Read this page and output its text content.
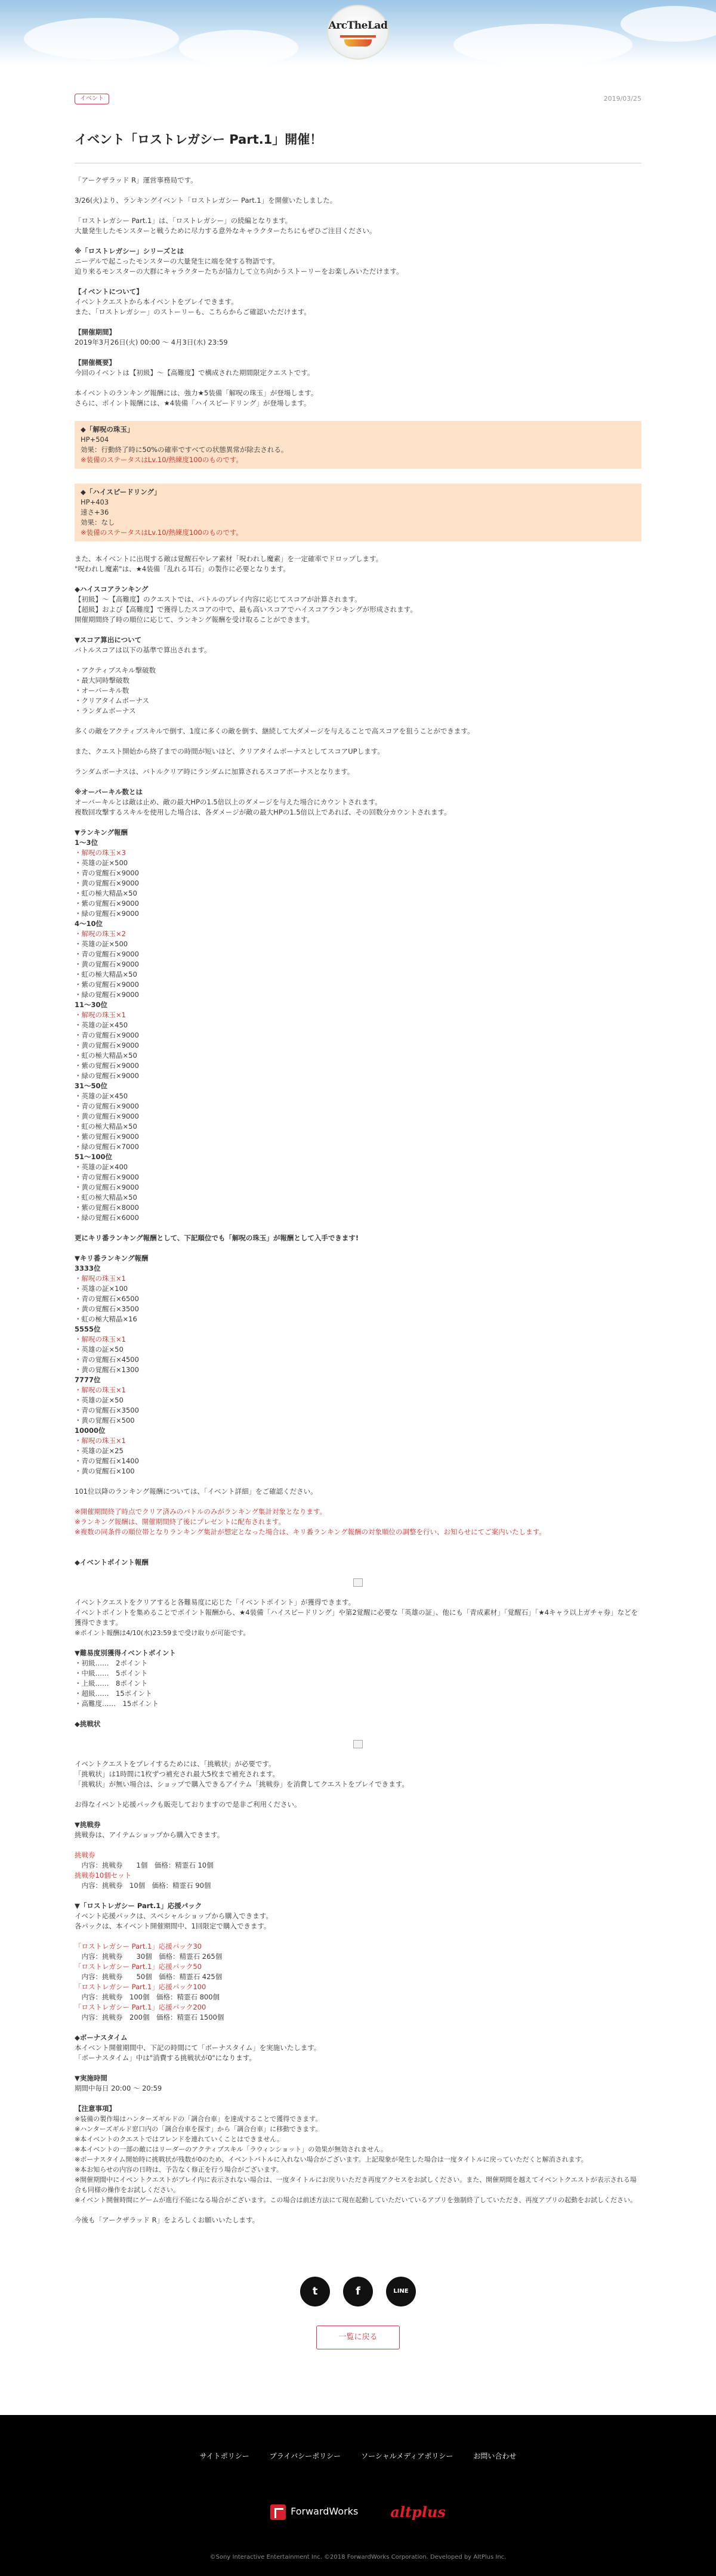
ArcTheLad
イベント	2019/03/25
イベント「ロストレガシー Part.1」開催！

「アークザラッド R」運営事務局です。

3/26(火)より、ランキングイベント「ロストレガシー Part.1」を開催いたしました。

「ロストレガシー Part.1」は、「ロストレガシー」の続編となります。

大量発生したモンスターと戦うために尽力する意外なキャラクターたちにもぜひご注目ください。

※「ロストレガシー」シリーズとは

ニーデルで起こったモンスターの大量発生に端を発する物語です。

迫り来るモンスターの大群にキャラクターたちが協力して立ち向かうストーリーをお楽しみいただけます。

【イベントについて】

イベントクエストから本イベントをプレイできます。

また、「ロストレガシー」のストーリーも、こちらからご確認いただけます。

【開催期間】

2019年3月26日(火) 00:00 ～ 4月3日(水) 23:59

【開催概要】

今回のイベントは【初級】～【高難度】で構成された期間限定クエストです。

本イベントのランキング報酬には、強力★5装備「解呪の珠玉」が登場します。

さらに、ポイント報酬には、★4装備「ハイスピードリング」が登場します。

◆「解呪の珠玉」

HP+504

効果：行動終了時に50%の確率ですべての状態異常が除去される。

※装備のステータスはLv.10/熱練度100のものです。

◆「ハイスピードリング」

HP+403

速さ+36

効果：なし

※装備のステータスはLv.10/熱練度100のものです。

また、本イベントに出現する敵は覚醒石やレア素材「呪われし魔素」を一定確率でドロップします。

"呪われし魔素"は、★4装備「乱れる耳石」の製作に必要となります。

◆ハイスコアランキング

【初級】～【高難度】のクエストでは、バトルのプレイ内容に応じてスコアが計算されます。

【超級】および【高難度】で獲得したスコアの中で、最も高いスコアでハイスコアランキングが形成されます。

開催期間終了時の順位に応じて、ランキング報酬を受け取ることができます。

▼スコア算出について

バトルスコアは以下の基準で算出されます。

・アクティブスキル撃破数

・最大同時撃破数

・オーバーキル数

・クリアタイムボーナス

・ランダムボーナス

多くの敵をアクティブスキルで倒す、1度に多くの敵を倒す、継続して大ダメージを与えることで高スコアを狙うことができます。

また、クエスト開始から終了までの時間が短いほど、クリアタイムボーナスとしてスコアUPします。

ランダムボーナスは、バトルクリア時にランダムに加算されるスコアボーナスとなります。

※オーバーキル数とは

オーバーキルとは敵は止め、敵の最大HPの1.5倍以上のダメージを与えた場合にカウントされます。

複数回攻撃するスキルを使用した場合は、各ダメージが敵の最大HPの1.5倍以上であれば、その回数分カウントされます。

▼ランキング報酬

1～3位

・解呪の珠玉×3

・英雄の証×500

・青の覚醒石×9000

・黄の覚醒石×9000

・虹の極大精晶×50

・紫の覚醒石×9000

・緑の覚醒石×9000

4～10位

・解呪の珠玉×2

・英雄の証×500

・青の覚醒石×9000

・黄の覚醒石×9000

・虹の極大精晶×50

・紫の覚醒石×9000

・緑の覚醒石×9000

11～30位

・解呪の珠玉×1

・英雄の証×450

・青の覚醒石×9000

・黄の覚醒石×9000

・虹の極大精晶×50

・紫の覚醒石×9000

・緑の覚醒石×9000

31～50位

・英雄の証×450

・青の覚醒石×9000

・黄の覚醒石×9000

・虹の極大精晶×50

・紫の覚醒石×9000

・緑の覚醒石×7000

51～100位

・英雄の証×400

・青の覚醒石×9000

・黄の覚醒石×9000

・虹の極大精晶×50

・紫の覚醒石×8000

・緑の覚醒石×6000

更にキリ番ランキング報酬として、下記順位でも「解呪の珠玉」が報酬として入手できます!

▼キリ番ランキング報酬

3333位

・解呪の珠玉×1

・英雄の証×100

・青の覚醒石×6500

・黄の覚醒石×3500

・虹の極大精晶×16

5555位

・解呪の珠玉×1

・英雄の証×50

・青の覚醒石×4500

・黄の覚醒石×1300

7777位

・解呪の珠玉×1

・英雄の証×50

・青の覚醒石×3500

・黄の覚醒石×500

10000位

・解呪の珠玉×1

・英雄の証×25

・青の覚醒石×1400

・黄の覚醒石×100

101位以降のランキング報酬については、「イベント詳細」をご確認ください。

※開催期間終了時点でクリア済みのバトルのみがランキング集計対象となります。

※ランキング報酬は、開催期間終了後にプレゼントに配布されます。

※複数の同条件の順位帯となりランキング集計が想定となった場合は、キリ番ランキング報酬の対象順位の調整を行い、お知らせにてご案内いたします。

◆イベントポイント報酬

イベントクエストをクリアすると各難易度に応じた「イベントポイント」が獲得できます。

イベントポイントを集めることでポイント報酬から、★4装備「ハイスピードリング」や第2覚醒に必要な「英雄の証」、他にも「青成素材」「覚醒石」「★4キャラ以上ガチャ券」などを獲得できます。

※ポイント報酬は4/10(水)23:59まで受け取りが可能です。

▼難易度別獲得イベントポイント

・初級……　2ポイント

・中級……　5ポイント

・上級……　8ポイント

・超級……　15ポイント

・高難度……　15ポイント

◆挑戦状

イベントクエストをプレイするためには、「挑戦状」が必要です。

「挑戦状」は1時間に1枚ずつ補充され最大5枚まで補充されます。

「挑戦状」が無い場合は、ショップで購入できるアイテム「挑戦券」を消費してクエストをプレイできます。

お得なイベント応援パックも販売しておりますので是非ご利用ください。

▼挑戦券

挑戦券は、アイテムショップから購入できます。

挑戦券

　内容：挑戦券　　1個　価格：精霊石 10個

挑戦券10個セット

　内容：挑戦券　10個　価格：精霊石 90個

▼「ロストレガシー Part.1」応援パック

イベント応援パックは、スペシャルショップから購入できます。

各パックは、本イベント開催期間中、1回限定で購入できます。

「ロストレガシー Part.1」応援パック30

　内容：挑戦券　　30個　価格：精霊石 265個

「ロストレガシー Part.1」応援パック50

　内容：挑戦券　　50個　価格：精霊石 425個

「ロストレガシー Part.1」応援パック100

　内容：挑戦券　100個　価格：精霊石 800個

「ロストレガシー Part.1」応援パック200

　内容：挑戦券　200個　価格：精霊石 1500個

◆ボーナスタイム

本イベント開催期間中、下記の時間にて「ボーナスタイム」を実施いたします。

「ボーナスタイム」中は"消費する挑戦状が0"になります。

▼実施時間

期間中毎日 20:00 ～ 20:59

【注意事項】

※装備の製作場はハンターズギルドの「調合台車」を達成することで獲得できます。

※ハンターズギルド窓口内の「調合台車を探す」から「調合台車」に移動できます。

※本イベントのクエストではフレンドを連れていくことはできません。

※本イベントの一部の敵にはリーダーのアクティブスキル「ラウィンショット」の効果が無効されません。

※ボーナスタイム開始時に挑戦状が残数が0のため、イベントバトルに入れない場合がございます。上記現象が発生した場合は一度タイトルに戻っていただくと解消されます。

※本お知らせの内容の日時は、予告なく修正を行う場合がございます。

※開催期間中にイベントクエストがプレイ内に表示されない場合は、一度タイトルにお戻りいただき再度アクセスをお試しください。また、開催期間を越えてイベントクエストが表示される場合も同様の操作をお試しください。

※イベント開催時間にゲームが進行不能になる場合がございます。この場合は前述方法にて現在起動していただいているアプリを強制終了していただき、再度アプリの起動をお試しください。

今後も「アークザラッド R」をよろしくお願いいたします。

t	f	LINE
一覧に戻る
サイトポリシー	プライバシーポリシー	ソーシャルメディアポリシー	お問い合わせ
ForwardWorks altplus
©Sony Interactive Entertainment Inc. ©2018 ForwardWorks Corporation. Developed by AltPlus Inc.
